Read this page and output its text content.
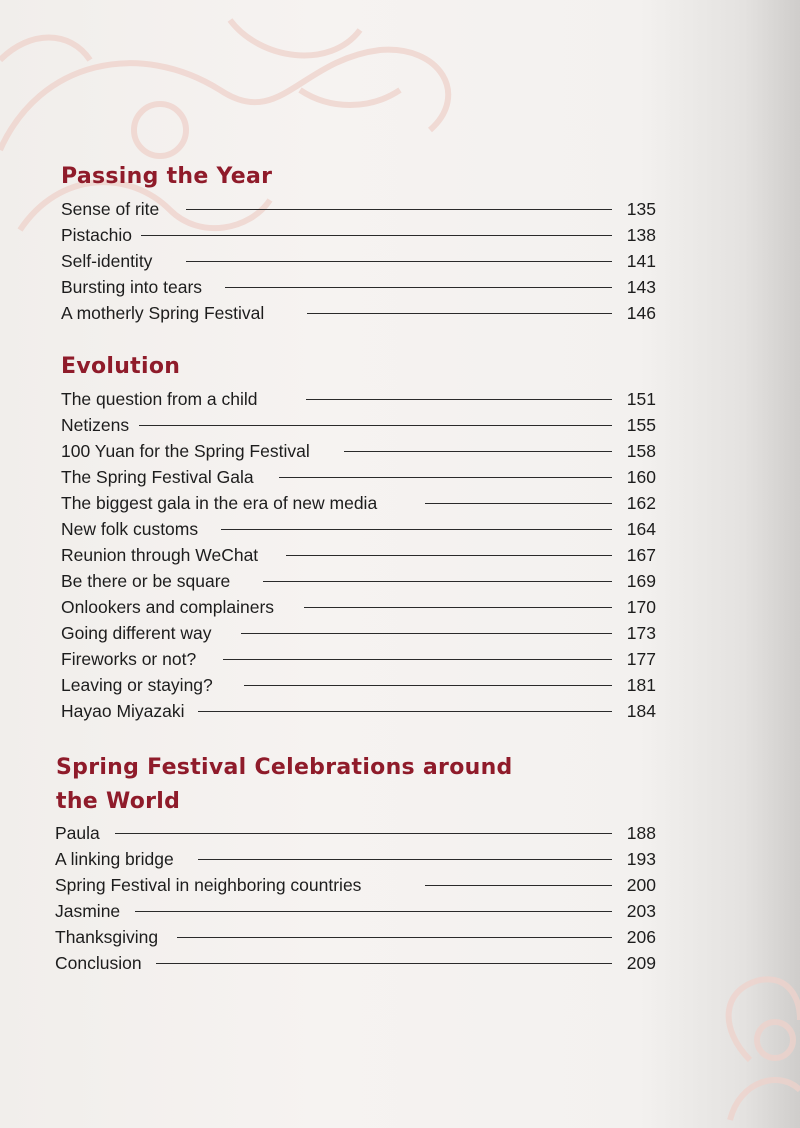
Passing the Year
Sense of rite	135
Pistachio	138
Self-identity	141
Bursting into tears	143
A motherly Spring Festival	146
Evolution
The question from a child	151
Netizens	155
100 Yuan for the Spring Festival	158
The Spring Festival Gala	160
The biggest gala in the era of new media	162
New folk customs	164
Reunion through WeChat	167
Be there or be square	169
Onlookers and complainers	170
Going different way	173
Fireworks or not?	177
Leaving or staying?	181
Hayao Miyazaki	184
Spring Festival Celebrations around
the World
Paula	188
A linking bridge	193
Spring Festival in neighboring countries	200
Jasmine	203
Thanksgiving	206
Conclusion	209
